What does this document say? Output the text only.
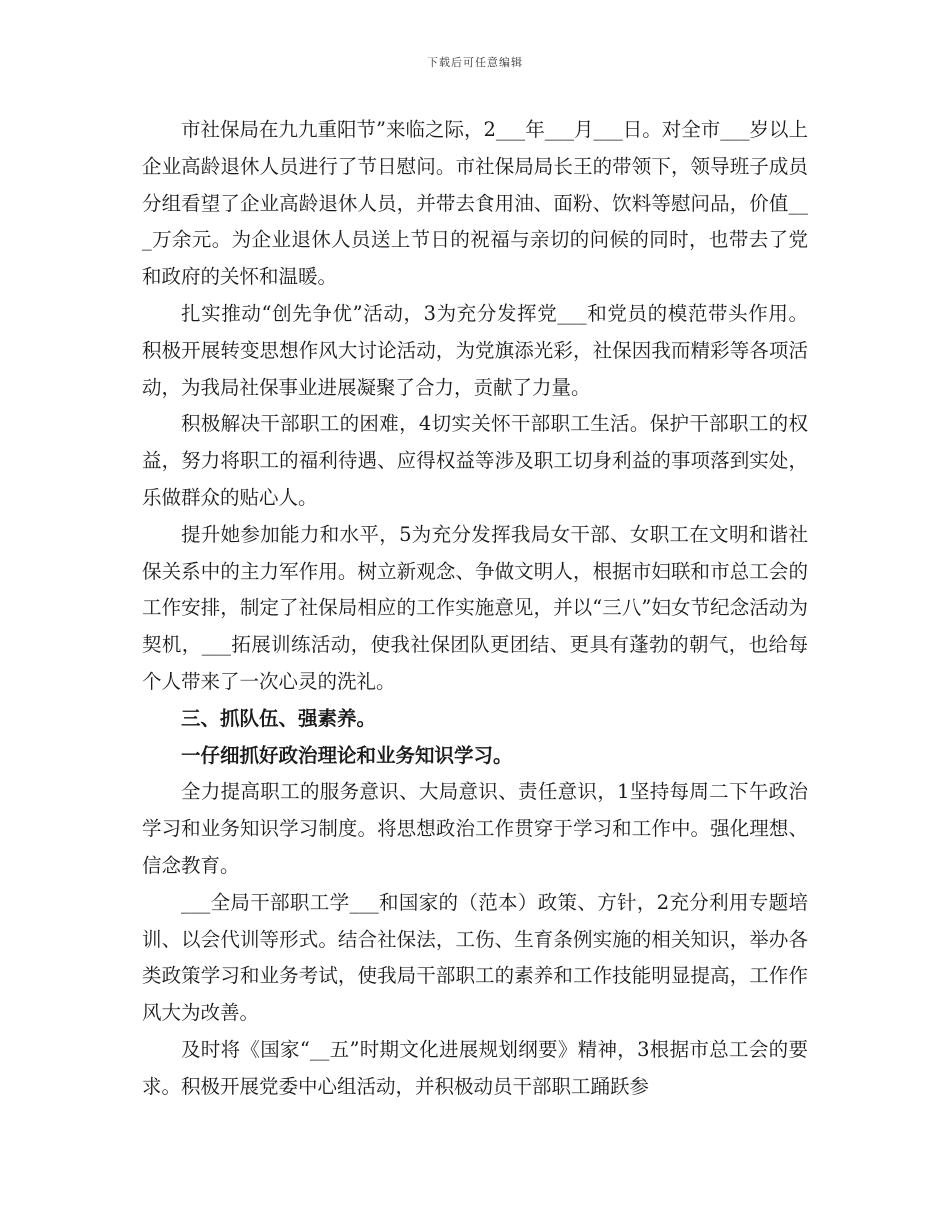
下载后可任意编辑

市社保局在九九重阳节”来临之际，2___年___月___日。对全市___岁以上企业高龄退休人员进行了节日慰问。市社保局局长王的带领下，领导班子成员分组看望了企业高龄退休人员，并带去食用油、面粉、饮料等慰问品，价值___万余元。为企业退休人员送上节日的祝福与亲切的问候的同时，也带去了党和政府的关怀和温暖。

扎实推动“创先争优”活动，3为充分发挥党___和党员的模范带头作用。积极开展转变思想作风大讨论活动，为党旗添光彩，社保因我而精彩等各项活动，为我局社保事业进展凝聚了合力，贡献了力量。

积极解决干部职工的困难，4切实关怀干部职工生活。保护干部职工的权益，努力将职工的福利待遇、应得权益等涉及职工切身利益的事项落到实处，乐做群众的贴心人。

提升她参加能力和水平，5为充分发挥我局女干部、女职工在文明和谐社保关系中的主力军作用。树立新观念、争做文明人，根据市妇联和市总工会的工作安排，制定了社保局相应的工作实施意见，并以“三八”妇女节纪念活动为契机，___拓展训练活动，使我社保团队更团结、更具有蓬勃的朝气，也给每个人带来了一次心灵的洗礼。

三、抓队伍、强素养。

一仔细抓好政治理论和业务知识学习。

全力提高职工的服务意识、大局意识、责任意识，1坚持每周二下午政治学习和业务知识学习制度。将思想政治工作贯穿于学习和工作中。强化理想、信念教育。

___全局干部职工学___和国家的（范本）政策、方针，2充分利用专题培训、以会代训等形式。结合社保法，工伤、生育条例实施的相关知识，举办各类政策学习和业务考试，使我局干部职工的素养和工作技能明显提高，工作作风大为改善。

及时将《国家“__五”时期文化进展规划纲要》精神，3根据市总工会的要求。积极开展党委中心组活动，并积极动员干部职工踊跃参
